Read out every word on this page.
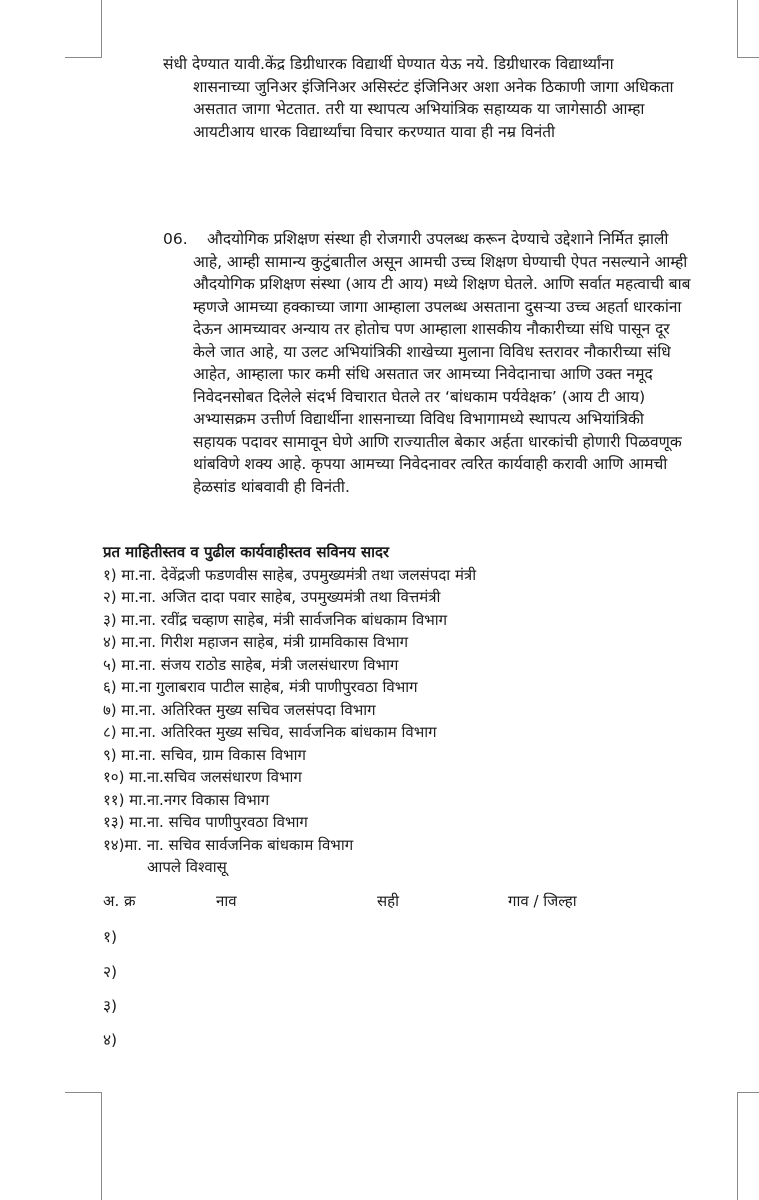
संधी देण्यात यावी.केंद्र डिग्रीधारक विद्यार्थी घेण्यात येऊ नये. डिग्रीधारक विद्यार्थ्यांना
शासनाच्या जुनिअर इंजिनिअर असिस्टंट इंजिनिअर अशा अनेक ठिकाणी जागा अधिकता
असतात जागा भेटतात. तरी या स्थापत्य अभियांत्रिक सहाय्यक या जागेसाठी आम्हा
आयटीआय धारक विद्यार्थ्यांचा विचार करण्यात यावा ही नम्र विनंती
06. औदयोगिक प्रशिक्षण संस्था ही रोजगारी उपलब्ध करून देण्याचे उद्देशाने निर्मित झाली
आहे, आम्ही सामान्य कुटुंबातील असून आमची उच्च शिक्षण घेण्याची ऐपत नसल्याने आम्ही
औदयोगिक प्रशिक्षण संस्था (आय टी आय) मध्ये शिक्षण घेतले. आणि सर्वात महत्वाची बाब
म्हणजे आमच्या हक्काच्या जागा आम्हाला उपलब्ध असताना दुसऱ्या उच्च अहर्ता धारकांना
देऊन आमच्यावर अन्याय तर होतोच पण आम्हाला शासकीय नौकारीच्या संधि पासून दूर
केले जात आहे, या उलट अभियांत्रिकी शाखेच्या मुलाना विविध स्तरावर नौकारीच्या संधि
आहेत, आम्हाला फार कमी संधि असतात जर आमच्या निवेदानाचा आणि उक्त नमूद
निवेदनसोबत दिलेले संदर्भ विचारात घेतले तर ‘बांधकाम पर्यवेक्षक’ (आय टी आय)
अभ्यासक्रम उत्तीर्ण विद्यार्थीना शासनाच्या विविध विभागामध्ये स्थापत्य अभियांत्रिकी
सहायक पदावर सामावून घेणे आणि राज्यातील बेकार अर्हता धारकांची होणारी पिळवणूक
थांबविणे शक्य आहे. कृपया आमच्या निवेदनावर त्वरित कार्यवाही करावी आणि आमची
हेळसांड थांबवावी ही विनंती.
प्रत माहितीस्तव व पुढील कार्यवाहीस्तव सविनय सादर
१) मा.ना. देवेंद्रजी फडणवीस साहेब, उपमुख्यमंत्री तथा जलसंपदा मंत्री
२) मा.ना. अजित दादा पवार साहेब, उपमुख्यमंत्री तथा वित्तमंत्री
३) मा.ना. रवींद्र चव्हाण साहेब, मंत्री सार्वजनिक बांधकाम विभाग
४) मा.ना. गिरीश महाजन साहेब, मंत्री ग्रामविकास विभाग
५) मा.ना. संजय राठोड साहेब, मंत्री जलसंधारण विभाग
६) मा.ना गुलाबराव पाटील साहेब, मंत्री पाणीपुरवठा विभाग
७) मा.ना. अतिरिक्त मुख्य सचिव जलसंपदा विभाग
८) मा.ना. अतिरिक्त मुख्य सचिव, सार्वजनिक बांधकाम विभाग
९) मा.ना. सचिव, ग्राम विकास विभाग
१०) मा.ना.सचिव जलसंधारण विभाग
११) मा.ना.नगर विकास विभाग
१३) मा.ना. सचिव पाणीपुरवठा विभाग
१४)मा. ना. सचिव सार्वजनिक बांधकाम विभाग
आपले विश्वासू
अ. क्र	नाव	सही	गाव / जिल्हा
१)
२)
३)
४)
